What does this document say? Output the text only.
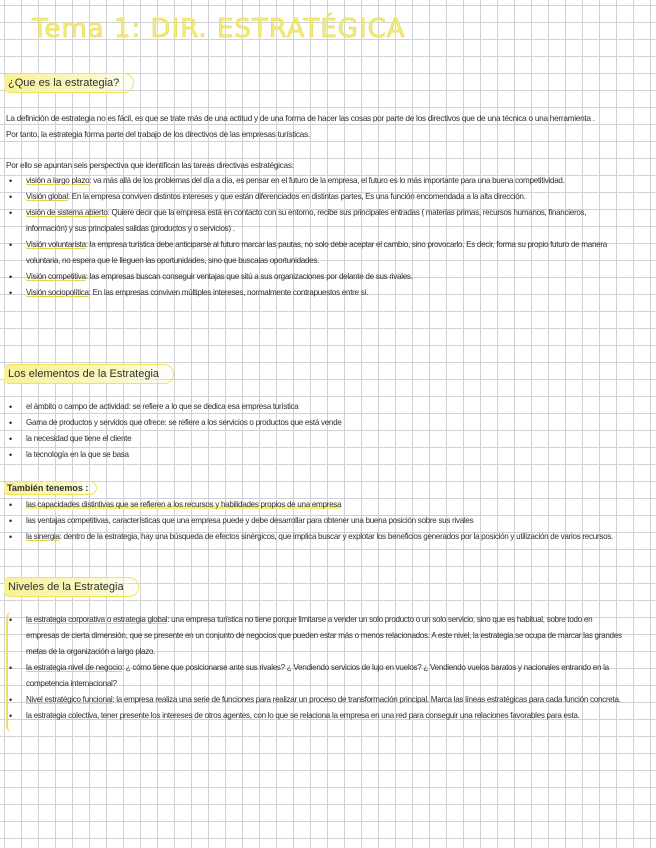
Tema 1: DIR. ESTRATÉGICA
¿Que es la estrategia?

La definición de estrategia no es fácil, es que se trate más de una actitud y de una forma de hacer las cosas por parte de los directivos que de una técnica o una herramienta . Por tanto, la estrategia forma parte del trabajo de los directivos de las empresas turísticas.

Por ello se apuntan seis perspectiva que identifican las tareas directivas estratégicas:

• visión a largo plazo: va más allá de los problemas del día a día, es pensar en el futuro de la empresa, el futuro es lo más importante para una buena competitividad.
• Visión global: En la empresa conviven distintos intereses y que están diferenciados en distintas partes, Es una función encomendada a la alta dirección.
• visión de sistema abierto: Quiere decir que la empresa está en contacto con su entorno, recibe sus principales entradas ( materias primas, recursos humanos, financieros, información) y sus principales salidas (productos y o servicios) .
• Visión voluntarista: la empresa turística debe anticiparse al futuro marcar las pautas, no solo debe aceptar el cambio, sino provocarlo. Es decir, forma su propio futuro de manera voluntaria, no espera que le lleguen las oportunidades, sino que buscalas oportunidades.
• Visión competitiva: las empresas buscan conseguir ventajas que sitú a sus organizaciones por delante de sus rivales.
• Visión sociopolítica: En las empresas conviven múltiples intereses, normalmente contrapuestos entre sí.
Los elementos de la Estrategia
• el ámbito o campo de actividad: se refiere a lo que se dedica esa empresa turística
• Gama de productos y servidos que ofrece: se refiere a los servicios o productos que está vende
• la necesidad que tiene el cliente
• la tecnología en la que se basa
También tenemos :
• las capacidades distintivas que se refieren a los recursos y habilidades propios de una empresa
• las ventajas competitivas, características que una empresa puede y debe desarrollar para obtener una buena posición sobre sus rivales
• la sinergia: dentro de la estrategia, hay una búsqueda de efectos sinérgicos, que implica buscar y explotar los beneficios generados por la posición y utilización de varios recursos.
Niveles de la Estrategia
• la estrategia corporativa o estrategia global: una empresa turística no tiene porque limitarse a vender un solo producto o un solo servicio, sino que es habitual, sobre todo en empresas de cierta dimensión, que se presente en un conjunto de negocios que pueden estar más o menos relacionados. A este nivel, la estrategia se ocupa de marcar las grandes metas de la organización a largo plazo.
• la estrategia nivel de negocio: ¿ cómo tiene que posicionarse ante sus rivales? ¿ Vendiendo servicios de lujo en vuelos? ¿ Vendiendo vuelos baratos y nacionales entrando en la competencia internacional?
• Nivel estratégico funcional: la empresa realiza una serie de funciones para realizar un proceso de transformación principal. Marca las líneas estratégicas para cada función concreta.
• la estrategia colectiva, tener presente los intereses de otros agentes, con lo que se relaciona la empresa en una red para conseguir una relaciones favorables para esta.
